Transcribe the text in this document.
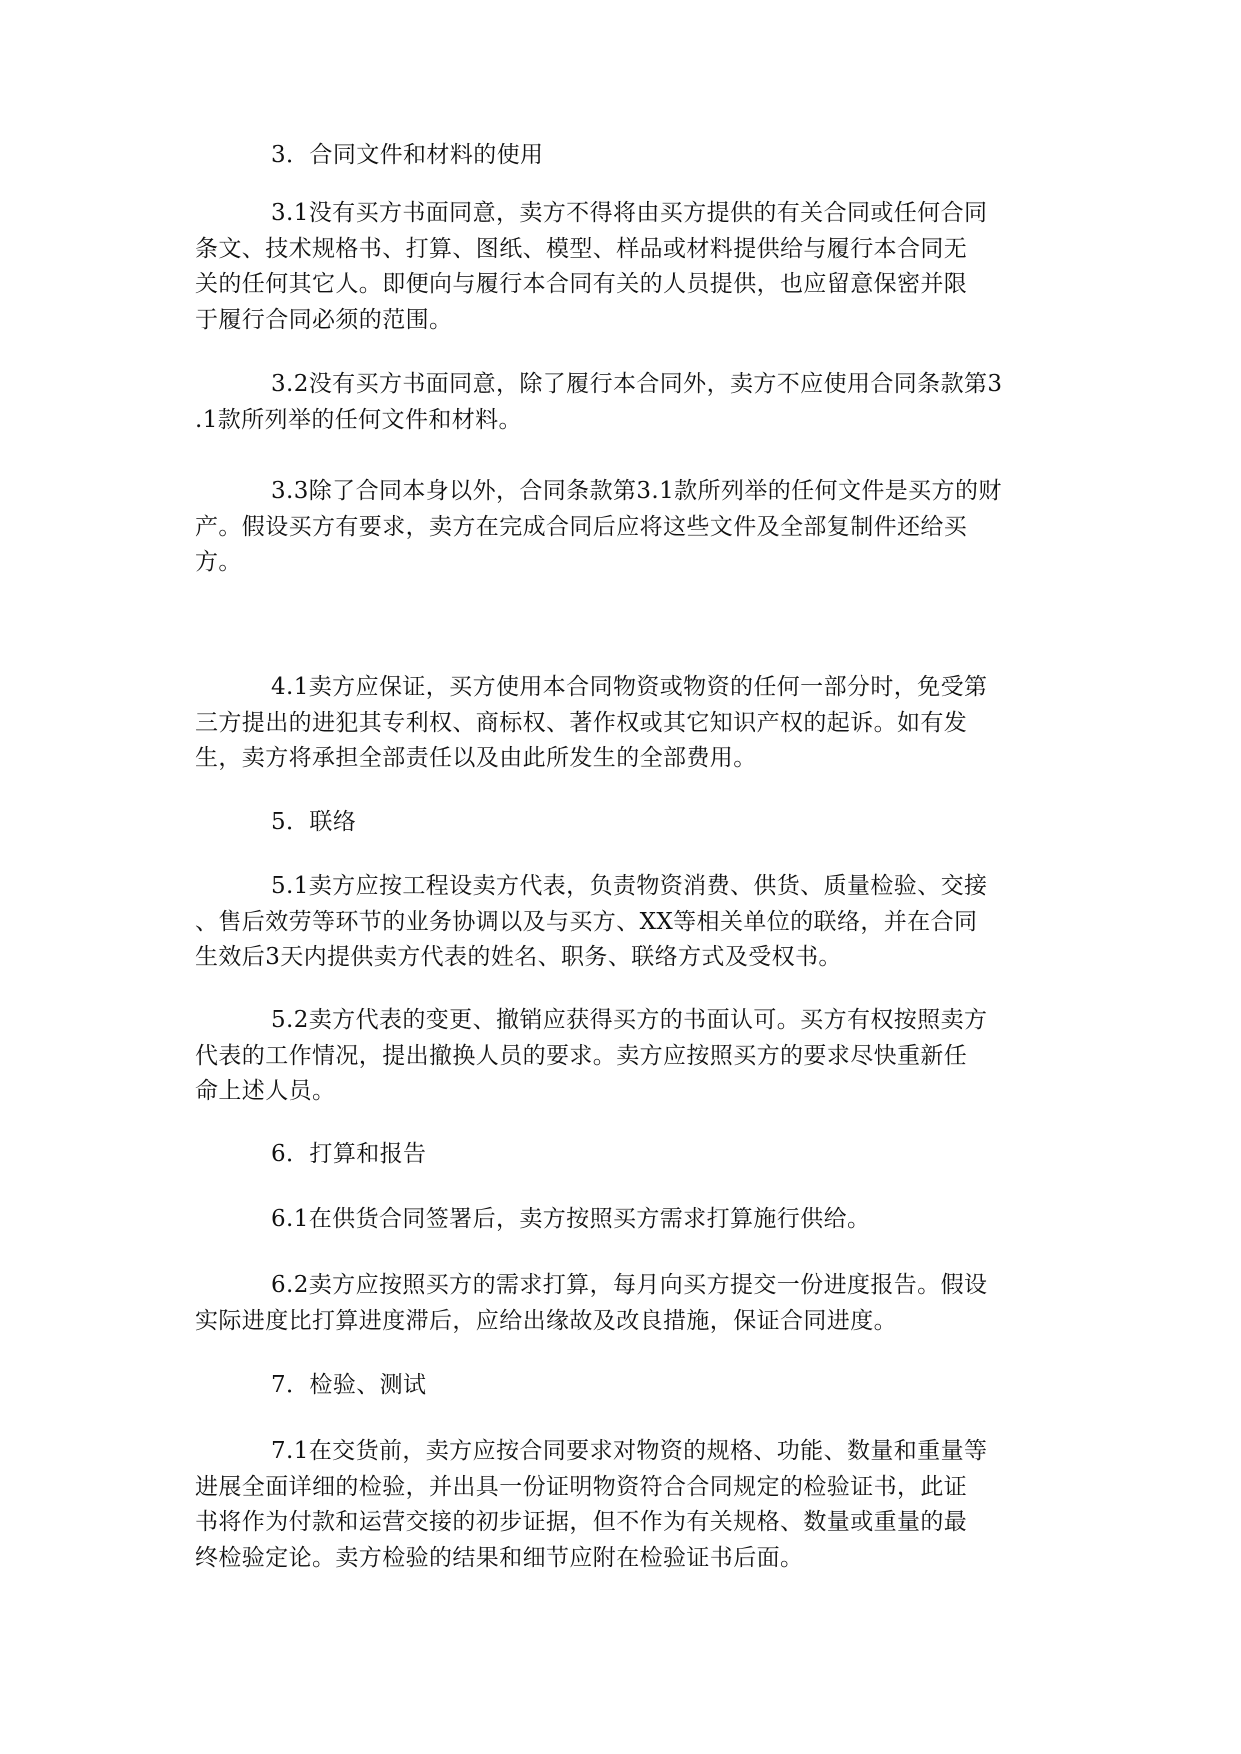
3．合同文件和材料的使用
3.1没有买方书面同意，卖方不得将由买方提供的有关合同或任何合同
条文、技术规格书、打算、图纸、模型、样品或材料提供给与履行本合同无
关的任何其它人。即便向与履行本合同有关的人员提供，也应留意保密并限
于履行合同必须的范围。
3.2没有买方书面同意，除了履行本合同外，卖方不应使用合同条款第3
.1款所列举的任何文件和材料。
3.3除了合同本身以外，合同条款第3.1款所列举的任何文件是买方的财
产。假设买方有要求，卖方在完成合同后应将这些文件及全部复制件还给买
方。
4.1卖方应保证，买方使用本合同物资或物资的任何一部分时，免受第
三方提出的进犯其专利权、商标权、著作权或其它知识产权的起诉。如有发
生，卖方将承担全部责任以及由此所发生的全部费用。
5．联络
5.1卖方应按工程设卖方代表，负责物资消费、供货、质量检验、交接
、售后效劳等环节的业务协调以及与买方、XX等相关单位的联络，并在合同
生效后3天内提供卖方代表的姓名、职务、联络方式及受权书。
5.2卖方代表的变更、撤销应获得买方的书面认可。买方有权按照卖方
代表的工作情况，提出撤换人员的要求。卖方应按照买方的要求尽快重新任
命上述人员。
6．打算和报告
6.1在供货合同签署后，卖方按照买方需求打算施行供给。
6.2卖方应按照买方的需求打算，每月向买方提交一份进度报告。假设
实际进度比打算进度滞后，应给出缘故及改良措施，保证合同进度。
7．检验、测试
7.1在交货前，卖方应按合同要求对物资的规格、功能、数量和重量等
进展全面详细的检验，并出具一份证明物资符合合同规定的检验证书，此证
书将作为付款和运营交接的初步证据，但不作为有关规格、数量或重量的最
终检验定论。卖方检验的结果和细节应附在检验证书后面。
